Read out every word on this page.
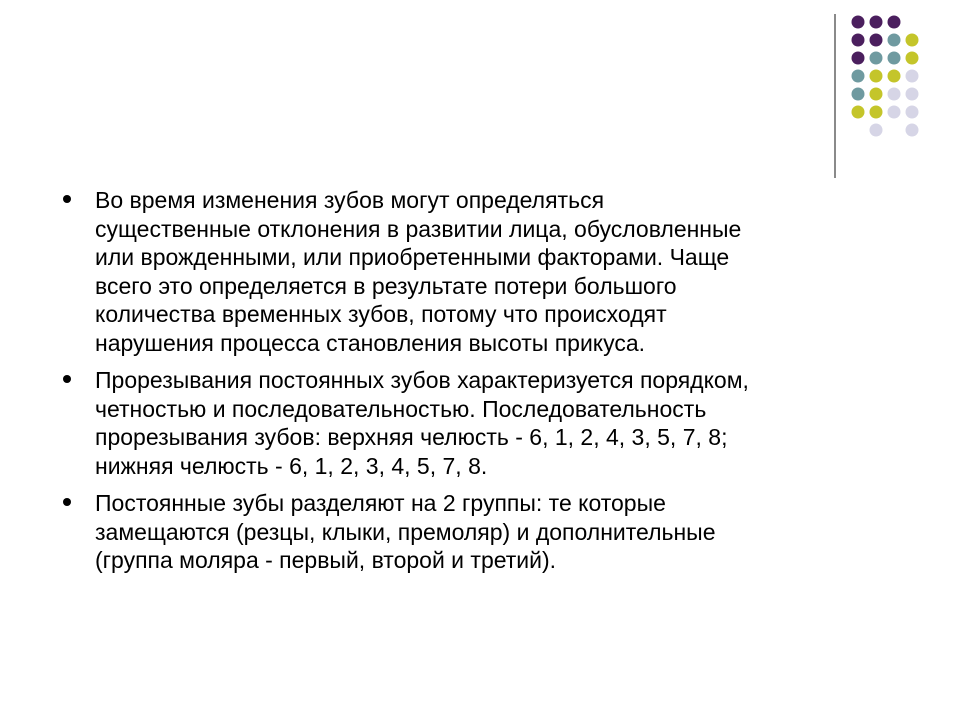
Во время изменения зубов могут определяться
существенные отклонения в развитии лица, обусловленные
или врожденными, или приобретенными факторами. Чаще
всего это определяется в результате потери большого
количества временных зубов, потому что происходят
нарушения процесса становления высоты прикуса.
Прорезывания постоянных зубов характеризуется порядком,
четностью и последовательностью. Последовательность
прорезывания зубов: верхняя челюсть - 6, 1, 2, 4, 3, 5, 7, 8;
нижняя челюсть - 6, 1, 2, 3, 4, 5, 7, 8.
Постоянные зубы разделяют на 2 группы: те которые
замещаются (резцы, клыки, премоляр) и дополнительные
(группа моляра - первый, второй и третий).
